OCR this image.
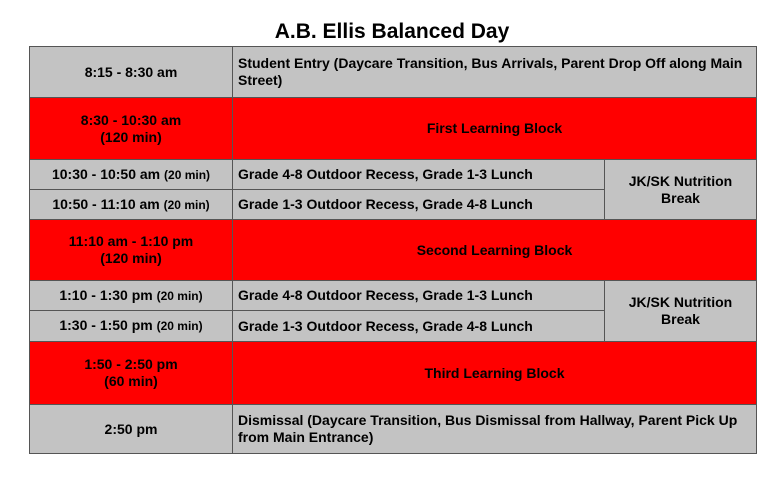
A.B. Ellis Balanced Day
8:15 - 8:30 am	Student Entry (Daycare Transition, Bus Arrivals, Parent Drop Off along Main Street)	
8:30 - 10:30 am
(120 min)	First Learning Block	
10:30 - 10:50 am (20 min)	Grade 4-8 Outdoor Recess, Grade 1-3 Lunch	JK/SK Nutrition Break
10:50 - 11:10 am (20 min)	Grade 1-3 Outdoor Recess, Grade 4-8 Lunch	
11:10 am - 1:10 pm
(120 min)	Second Learning Block	
1:10 - 1:30 pm (20 min)	Grade 4-8 Outdoor Recess, Grade 1-3 Lunch	JK/SK Nutrition Break
1:30 - 1:50 pm (20 min)	Grade 1-3 Outdoor Recess, Grade 4-8 Lunch	
1:50 - 2:50 pm
(60 min)	Third Learning Block	
2:50 pm	Dismissal (Daycare Transition, Bus Dismissal from Hallway, Parent Pick Up from Main Entrance)	
